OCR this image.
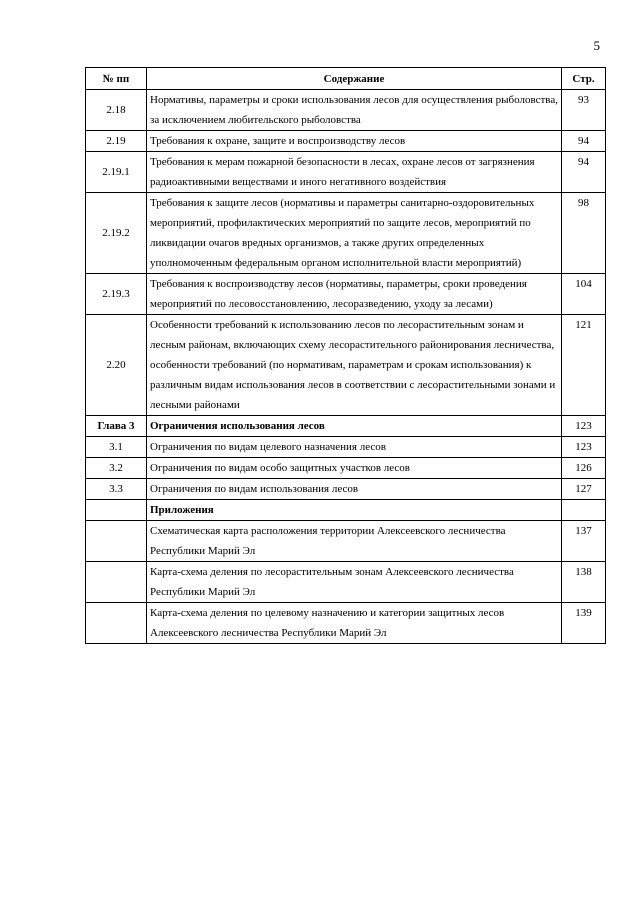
5
№ пп	Содержание	Стр.
2.18	Нормативы, параметры и сроки использования лесов для осуществления рыболовства, за исключением любительского рыболовства	93
2.19	Требования к охране, защите и воспроизводству лесов	94
2.19.1	Требования к мерам пожарной безопасности в лесах, охране лесов от загрязнения радиоактивными веществами и иного негативного воздействия	94
2.19.2	Требования к защите лесов (нормативы и параметры санитарно-оздоровительных мероприятий, профилактических мероприятий по защите лесов, мероприятий по ликвидации очагов вредных организмов, а также других определенных уполномоченным федеральным органом исполнительной власти мероприятий)	98
2.19.3	Требования к воспроизводству лесов (нормативы, параметры, сроки проведения мероприятий по лесовосстановлению, лесоразведению, уходу за лесами)	104
2.20	Особенности требований к использованию лесов по лесорастительным зонам и лесным районам, включающих схему лесорастительного районирования лесничества, особенности требований (по нормативам, параметрам и срокам использования) к различным видам использования лесов в соответствии с лесорастительными зонами и лесными районами	121
Глава 3	Ограничения использования лесов	123
3.1	Ограничения по видам целевого назначения лесов	123
3.2	Ограничения по видам особо защитных участков лесов	126
3.3	Ограничения по видам использования лесов	127
	Приложения	
	Схематическая карта расположения территории Алексеевского лесничества Республики Марий Эл	137
	Карта-схема деления по лесорастительным зонам Алексеевского лесничества Республики Марий Эл	138
	Карта-схема деления по целевому назначению и категории защитных лесов Алексеевского лесничества Республики Марий Эл	139
